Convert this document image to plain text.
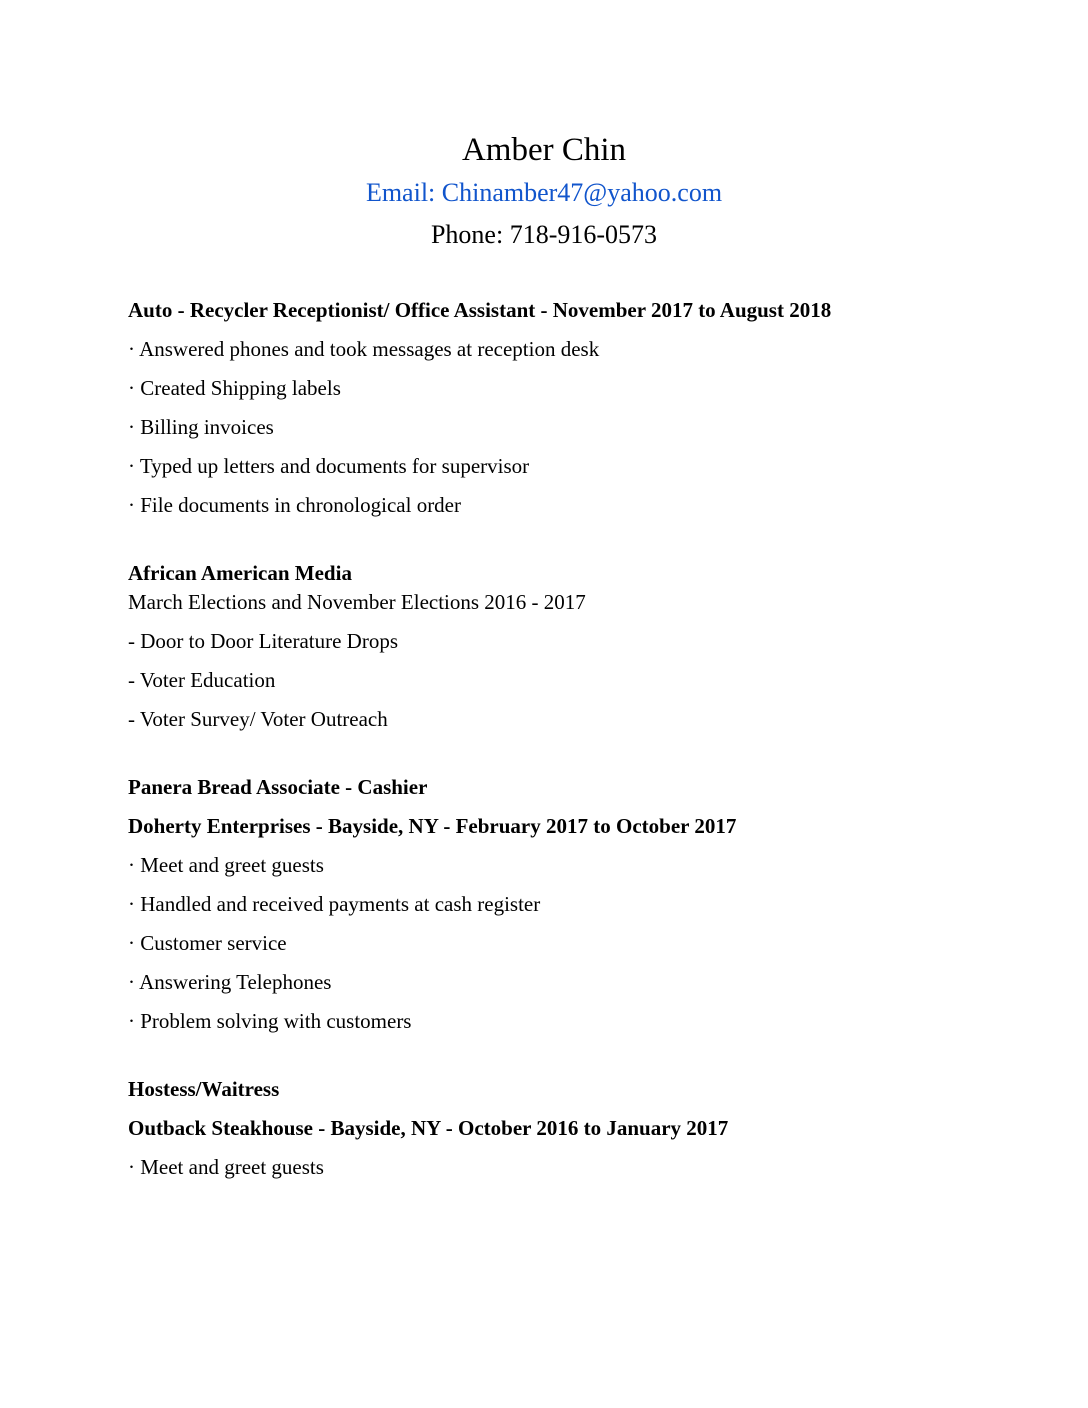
Amber Chin

Email: Chinamber47@yahoo.com

Phone: 718-916-0573

Auto - Recycler Receptionist/ Office Assistant - November 2017 to August 2018

· Answered phones and took messages at reception desk

· Created Shipping labels

· Billing invoices

· Typed up letters and documents for supervisor

· File documents in chronological order

African American Media

March Elections and November Elections 2016 - 2017

- Door to Door Literature Drops

- Voter Education

- Voter Survey/ Voter Outreach

Panera Bread Associate - Cashier

Doherty Enterprises - Bayside, NY - February 2017 to October 2017

· Meet and greet guests

· Handled and received payments at cash register

· Customer service

· Answering Telephones

· Problem solving with customers

Hostess/Waitress

Outback Steakhouse - Bayside, NY - October 2016 to January 2017

· Meet and greet guests
